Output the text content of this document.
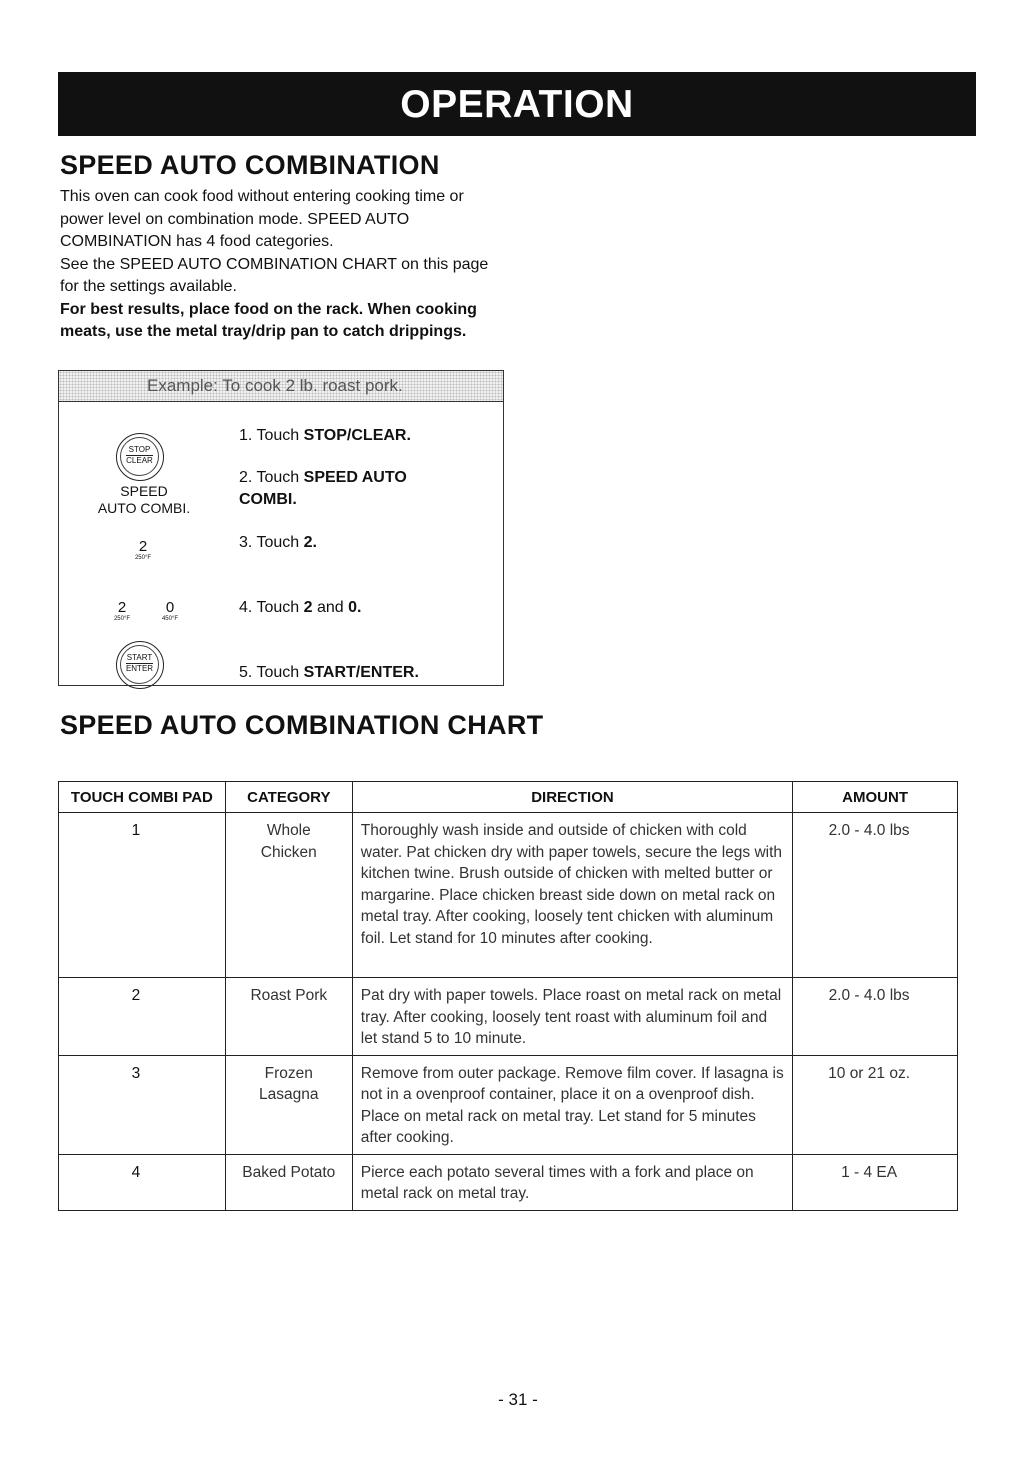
OPERATION
SPEED AUTO COMBINATION

This oven can cook food without entering cooking time or power level on combination mode. SPEED AUTO COMBINATION has 4 food categories.

See the SPEED AUTO COMBINATION CHART on this page for the settings available.

For best results, place food on the rack. When cooking meats, use the metal tray/drip pan to catch drippings.

Example: To cook 2 lb. roast pork.
STOP
CLEAR
SPEED
AUTO COMBI.
2
250°F
2
250°F
0
450°F
START
ENTER
1. Touch STOP/CLEAR.
2. Touch SPEED AUTO COMBI.
3. Touch 2.
4. Touch 2 and 0.
5. Touch START/ENTER.
SPEED AUTO COMBINATION CHART
TOUCH COMBI PAD	CATEGORY	DIRECTION	AMOUNT
1	Whole Chicken	Thoroughly wash inside and outside of chicken with cold water. Pat chicken dry with paper towels, secure the legs with kitchen twine. Brush outside of chicken with melted butter or margarine. Place chicken breast side down on metal rack on metal tray. After cooking, loosely tent chicken with aluminum foil. Let stand for 10 minutes after cooking.	2.0 - 4.0 lbs
2	Roast Pork	Pat dry with paper towels. Place roast on metal rack on metal tray. After cooking, loosely tent roast with aluminum foil and let stand 5 to 10 minute.	2.0 - 4.0 lbs
3	Frozen Lasagna	Remove from outer package. Remove film cover. If lasagna is not in a ovenproof container, place it on a ovenproof dish. Place on metal rack on metal tray. Let stand for 5 minutes after cooking.	10 or 21 oz.
4	Baked Potato	Pierce each potato several times with a fork and place on metal rack on metal tray.	1 - 4 EA
- 31 -
